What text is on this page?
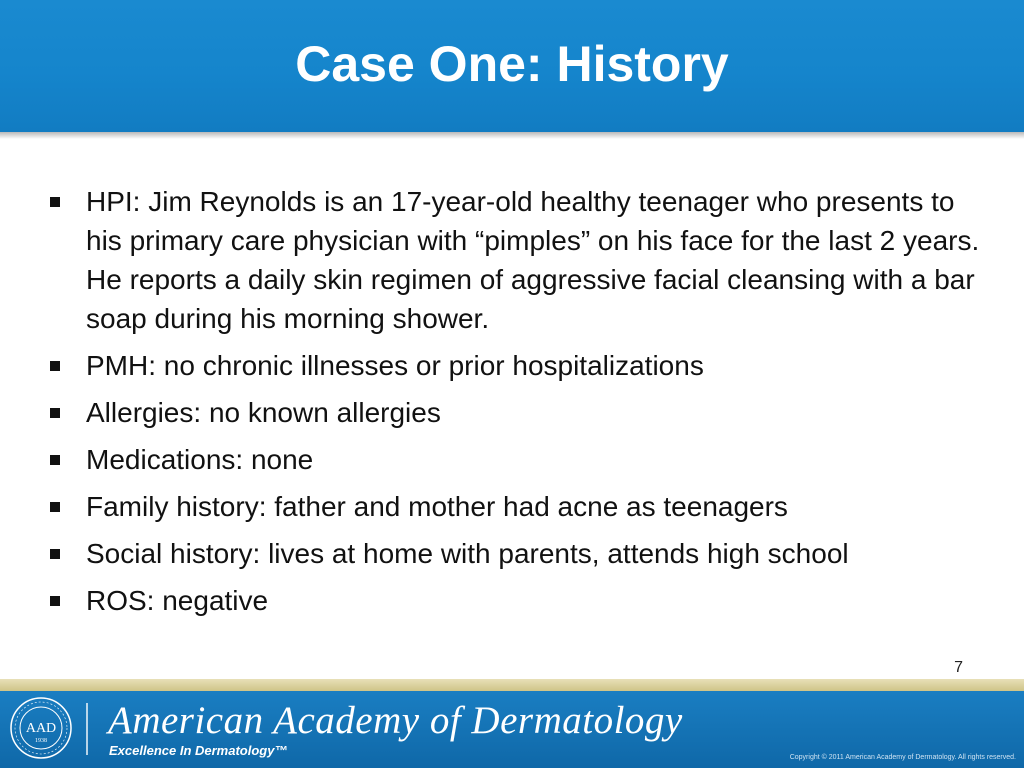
Case One: History
HPI: Jim Reynolds is an 17-year-old healthy teenager who presents to his primary care physician with “pimples” on his face for the last 2 years.  He reports a daily skin regimen of aggressive facial cleansing with a bar soap during his morning shower.
PMH: no chronic illnesses or prior hospitalizations
Allergies: no known allergies
Medications: none
Family history: father and mother had acne as teenagers
Social history: lives at home with parents, attends high school
ROS: negative
7
AAD
1938 American Academy of Dermatology
Excellence In Dermatology™	Copyright © 2011 American Academy of Dermatology. All rights reserved.
